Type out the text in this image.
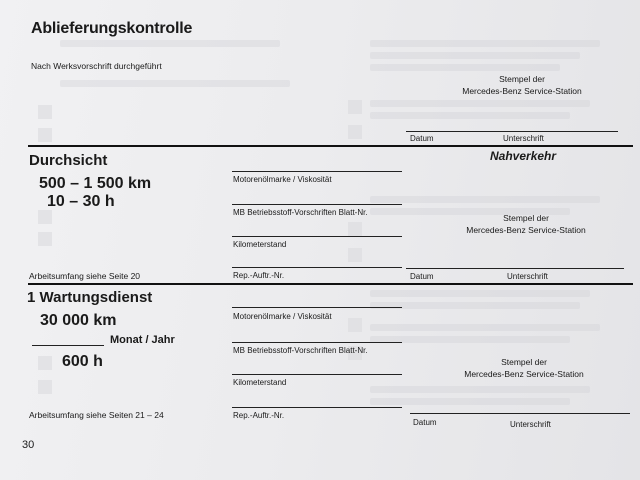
Ablieferungskontrolle
Nach Werksvorschrift durchgeführt
Stempel der
Mercedes-Benz Service-Station
Datum	Unterschrift
Durchsicht	Nahverkehr
500 – 1 500 km
10 – 30 h
Motorenölmarke / Viskosität
MB Betriebsstoff-Vorschriften Blatt-Nr.
Kilometerstand
Rep.-Auftr.-Nr.
Arbeitsumfang siehe Seite 20
Stempel der
Mercedes-Benz Service-Station
Datum	Unterschrift
1 Wartungsdienst
30 000 km
Monat / Jahr
600 h
Motorenölmarke / Viskosität
MB Betriebsstoff-Vorschriften Blatt-Nr.
Kilometerstand
Rep.-Auftr.-Nr.
Arbeitsumfang siehe Seiten 21 – 24
Stempel der
Mercedes-Benz Service-Station
Datum	Unterschrift
30
